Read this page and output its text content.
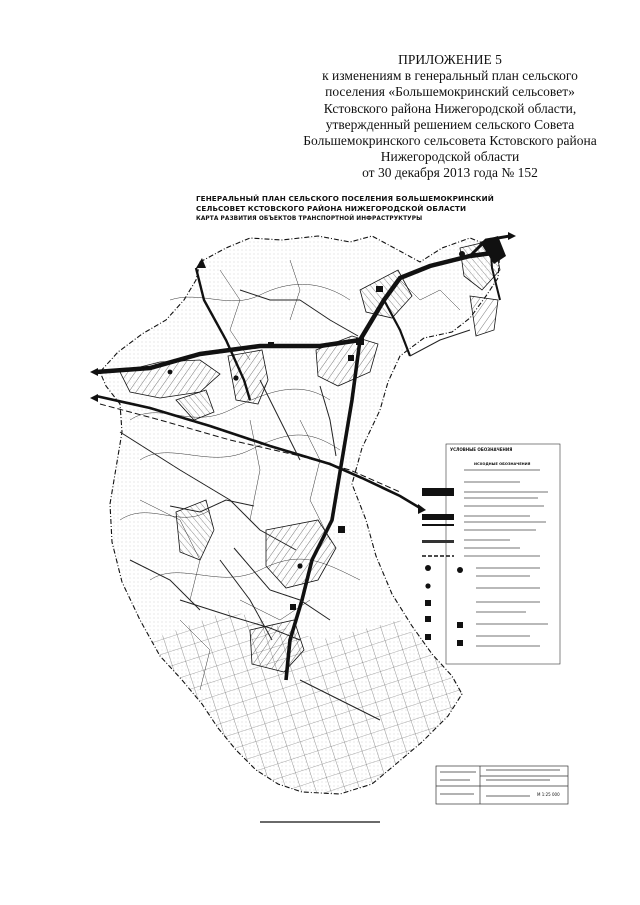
ПРИЛОЖЕНИЕ 5
к изменениям в генеральный план сельского
поселения «Большемокринский сельсовет»
Кстовского района Нижегородской области,
утвержденный решением сельского Совета
Большемокринского сельсовета Кстовского района
Нижегородской области
от 30 декабря 2013 года № 152
ГЕНЕРАЛЬНЫЙ ПЛАН СЕЛЬСКОГО ПОСЕЛЕНИЯ БОЛЬШЕМОКРИНСКИЙ
СЕЛЬСОВЕТ КСТОВСКОГО РАЙОНА НИЖЕГОРОДСКОЙ ОБЛАСТИ
КАРТА РАЗВИТИЯ ОБЪЕКТОВ ТРАНСПОРТНОЙ ИНФРАСТРУКТУРЫ
УСЛОВНЫЕ ОБОЗНАЧЕНИЯ
ИСХОДНЫЕ ОБОЗНАЧЕНИЯ
М 1:25 000
